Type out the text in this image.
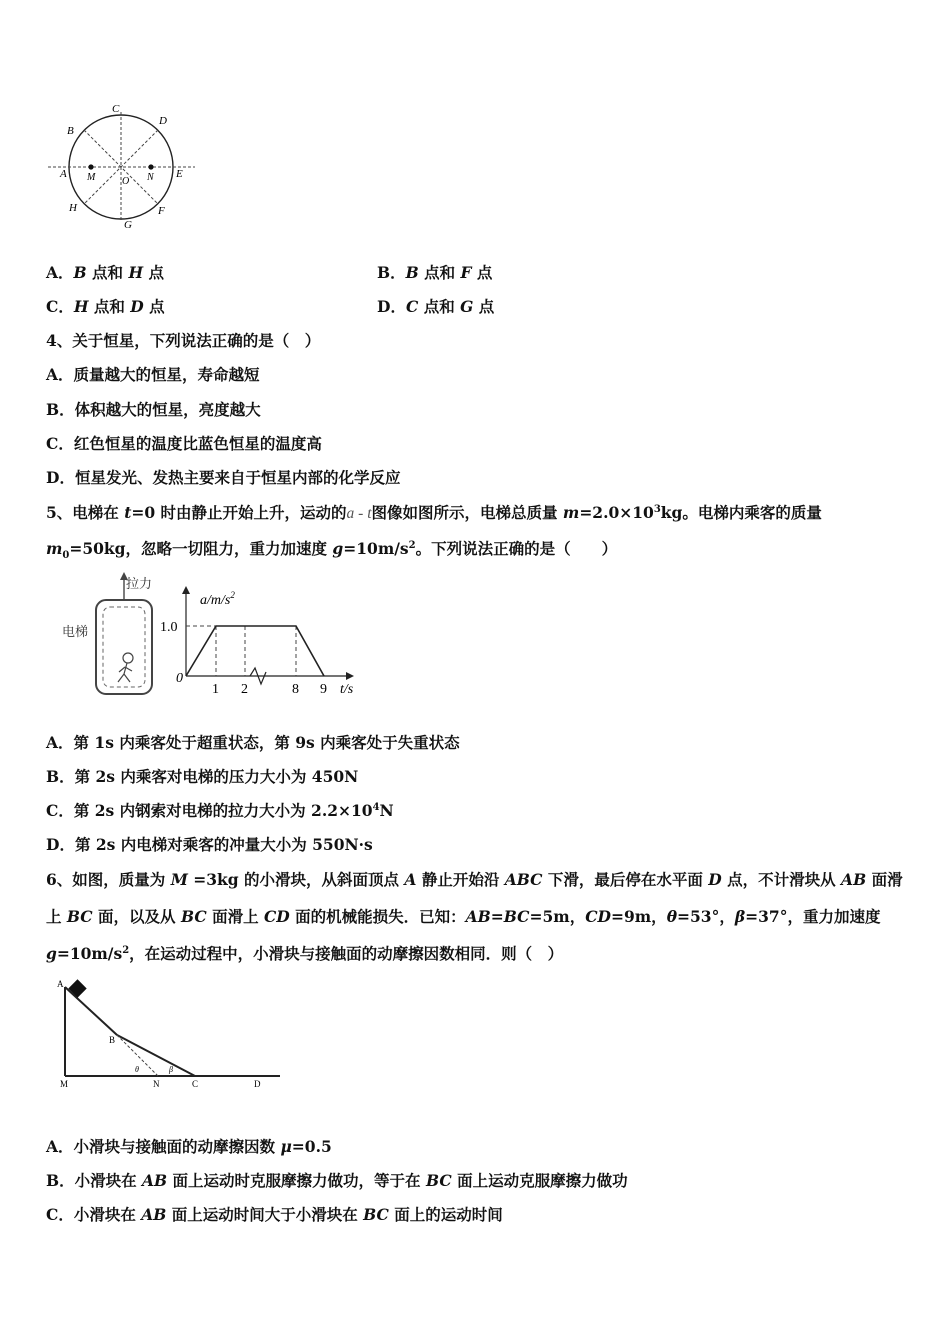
C
D
B
A M	O N E
H
G
F
A．B 点和 H 点	B．B 点和 F 点
C．H 点和 D 点	D．C 点和 G 点
4、关于恒星，下列说法正确的是（　）
A．质量越大的恒星，寿命越短
B．体积越大的恒星，亮度越大
C．红色恒星的温度比蓝色恒星的温度高
D．恒星发光、发热主要来自于恒星内部的化学反应
5、电梯在 t=0 时由静止开始上升，运动的a - t图像如图所示，电梯总质量 $m=2.0\times 10^3kg$。电梯内乘客的质量
$m_0=50kg$，忽略一切阻力，重力加速度 $g=10m/s^2$。下列说法正确的是（　　）
拉力
电梯
$a/m/s^2$
1.0
0
1 2	8 9 t/s
A．第 1s 内乘客处于超重状态，第 9s 内乘客处于失重状态
B．第 2s 内乘客对电梯的压力大小为 450N
C．第 2s 内钢索对电梯的拉力大小为 $2.2\times 10^4N$
D．第 2s 内电梯对乘客的冲量大小为 550N·s
6、如图，质量为 M =3kg 的小滑块，从斜面顶点 A 静止开始沿 ABC 下滑，最后停在水平面 D 点，不计滑块从 AB 面滑
上 BC 面，以及从 BC 面滑上 CD 面的机械能损失．已知：AB=BC=5m，CD=9m，θ=53°，β=37°，重力加速度
$g=10m/s^2$，在运动过程中，小滑块与接触面的动摩擦因数相同．则（　）
A
B
M	N	C	D
θ	β
A．小滑块与接触面的动摩擦因数 μ=0.5
B．小滑块在 AB 面上运动时克服摩擦力做功，等于在 BC 面上运动克服摩擦力做功
C．小滑块在 AB 面上运动时间大于小滑块在 BC 面上的运动时间
